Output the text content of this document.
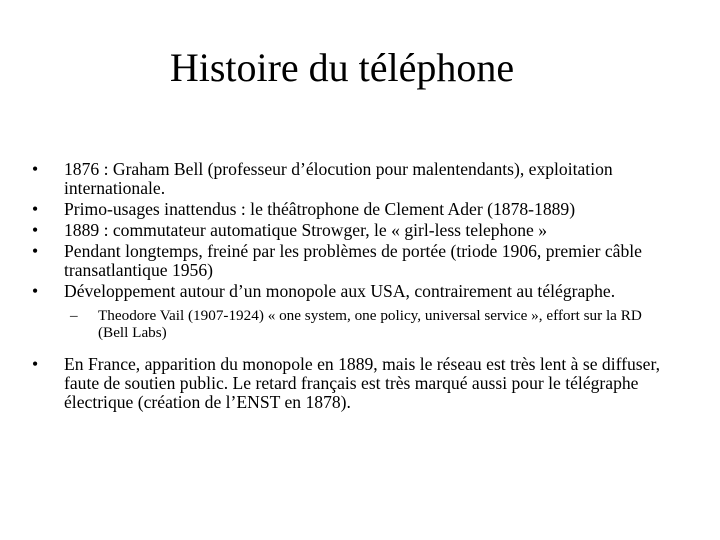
Histoire du téléphone
• 1876 : Graham Bell (professeur d’élocution pour malentendants), exploitation internationale.
• Primo-usages inattendus : le théâtrophone de Clement Ader (1878-1889)
• 1889 : commutateur automatique Strowger, le « girl-less telephone »
• Pendant longtemps, freiné par les problèmes de portée (triode 1906, premier câble transatlantique 1956)
• Développement autour d’un monopole aux USA, contrairement au télégraphe.
– Theodore Vail (1907-1924) « one system, one policy, universal service », effort sur la RD (Bell Labs)
• En France, apparition du monopole en 1889, mais le réseau est très lent à se diffuser, faute de soutien public. Le retard français est très marqué aussi pour le télégraphe électrique (création de l’ENST en 1878).
